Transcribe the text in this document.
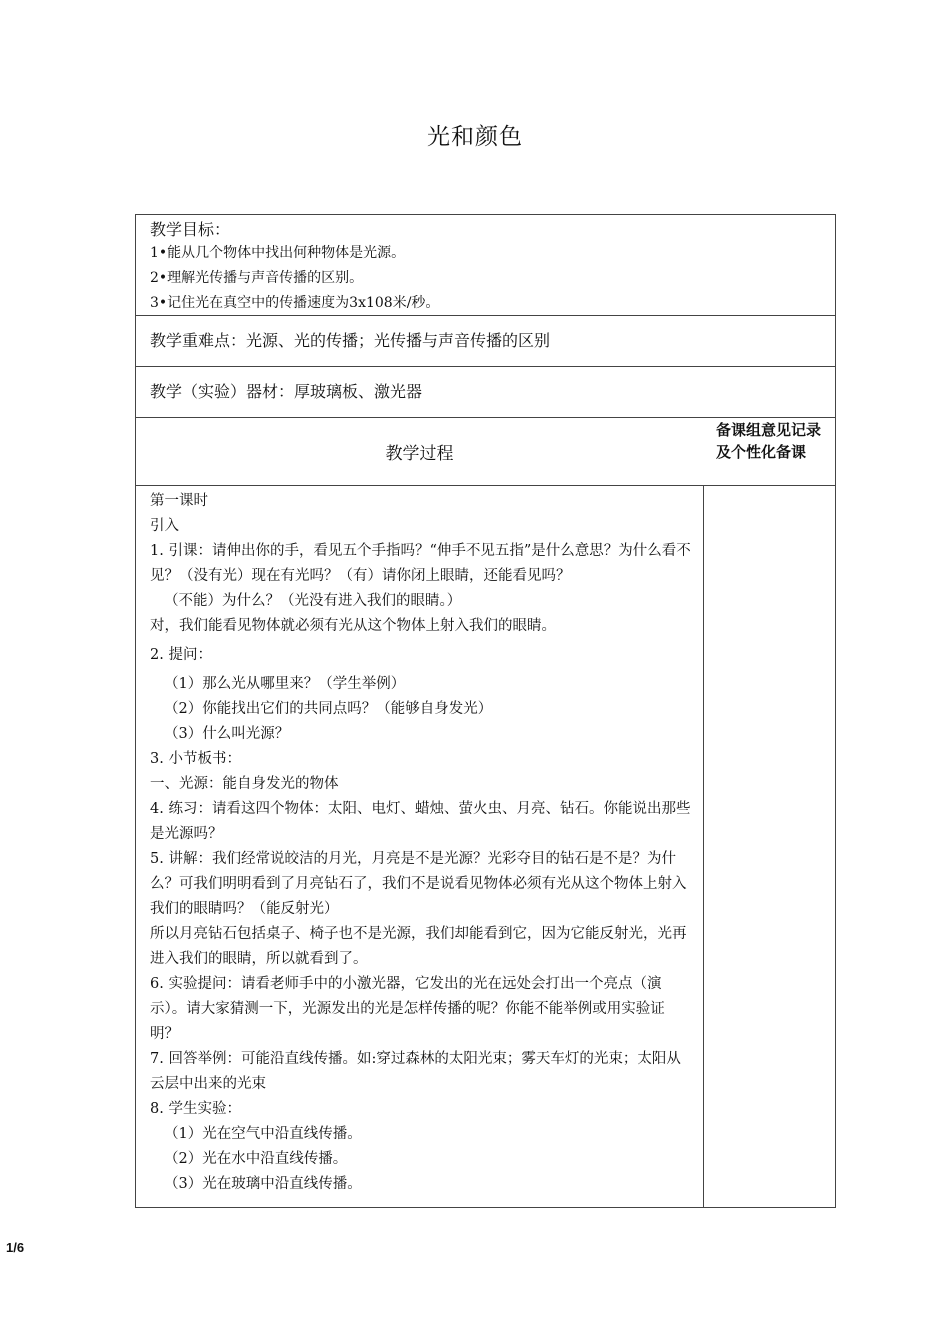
光和颜色
教学目标：
1•能从几个物体中找出何种物体是光源。
2•理解光传播与声音传播的区别。
3•记住光在真空中的传播速度为3x108米/秒。
教学重难点：光源、光的传播；光传播与声音传播的区别
教学（实验）器材：厚玻璃板、激光器
教学过程
备课组意见记录及个性化备课

第一课时

引入

1. 引课：请伸出你的手，看见五个手指吗？“伸手不见五指”是什么意思？为什么看不见？（没有光）现在有光吗？（有）请你闭上眼睛，还能看见吗？

（不能）为什么？（光没有进入我们的眼睛。）

对，我们能看见物体就必须有光从这个物体上射入我们的眼睛。

2. 提问：

（1）那么光从哪里来？（学生举例）

（2）你能找出它们的共同点吗？（能够自身发光）

（3）什么叫光源？

3. 小节板书：

一、光源：能自身发光的物体

4. 练习：请看这四个物体：太阳、电灯、蜡烛、萤火虫、月亮、钻石。你能说出那些是光源吗？

5. 讲解：我们经常说皎洁的月光，月亮是不是光源？光彩夺目的钻石是不是？为什么？可我们明明看到了月亮钻石了，我们不是说看见物体必须有光从这个物体上射入我们的眼睛吗？（能反射光）

所以月亮钻石包括桌子、椅子也不是光源，我们却能看到它，因为它能反射光，光再进入我们的眼睛，所以就看到了。

6. 实验提问：请看老师手中的小激光器，它发出的光在远处会打出一个亮点（演示）。请大家猜测一下，光源发出的光是怎样传播的呢？你能不能举例或用实验证明？

7. 回答举例：可能沿直线传播。如:穿过森林的太阳光束；雾天车灯的光束；太阳从云层中出来的光束

8. 学生实验：

（1）光在空气中沿直线传播。

（2）光在水中沿直线传播。

（3）光在玻璃中沿直线传播。

1/6
